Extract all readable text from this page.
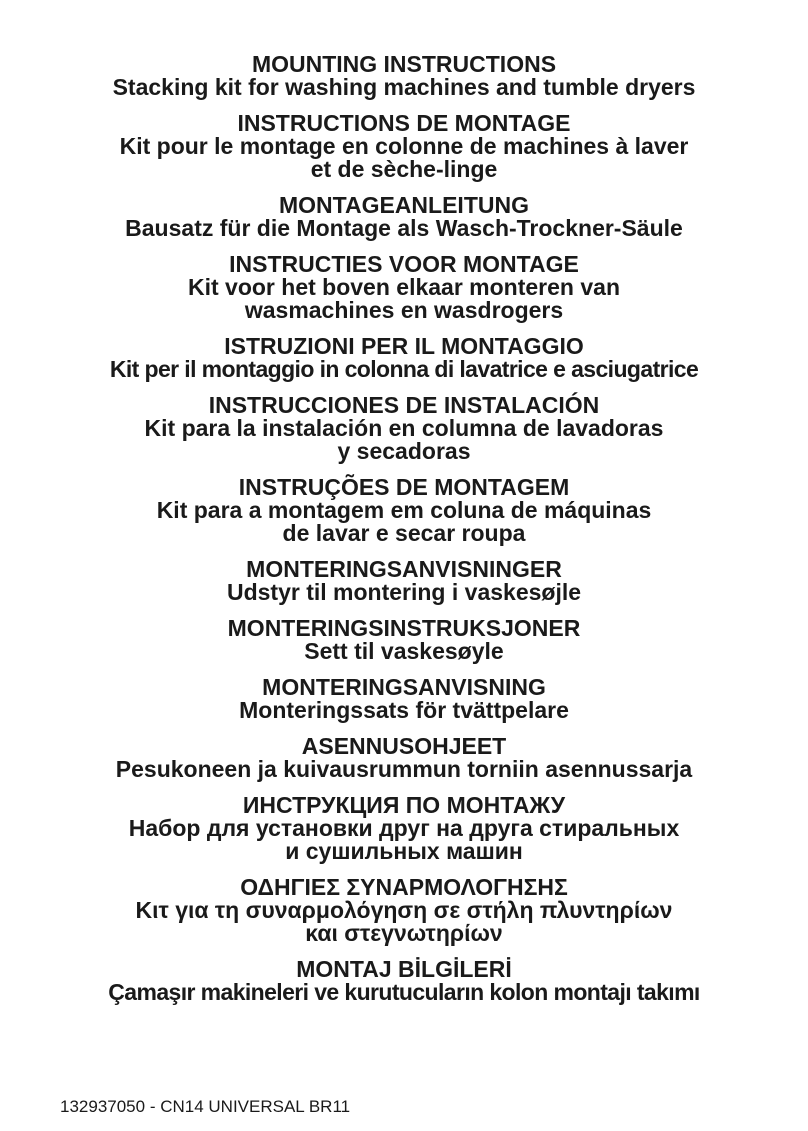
MOUNTING INSTRUCTIONS
Stacking kit for washing machines and tumble dryers
INSTRUCTIONS DE MONTAGE
Kit pour le montage en colonne de machines à laver
et de sèche-linge
MONTAGEANLEITUNG
Bausatz für die Montage als Wasch-Trockner-Säule
INSTRUCTIES VOOR MONTAGE
Kit voor het boven elkaar monteren van
wasmachines en wasdrogers
ISTRUZIONI PER IL MONTAGGIO
Kit per il montaggio in colonna di lavatrice e asciugatrice
INSTRUCCIONES DE INSTALACIÓN
Kit para la instalación en columna de lavadoras
y secadoras
INSTRUÇÕES DE MONTAGEM
Kit para a montagem em coluna de máquinas
de lavar e secar roupa
MONTERINGSANVISNINGER
Udstyr til montering i vaskesøjle
MONTERINGSINSTRUKSJONER
Sett til vaskesøyle
MONTERINGSANVISNING
Monteringssats för tvättpelare
ASENNUSOHJEET
Pesukoneen ja kuivausrummun torniin asennussarja
ИНСТРУКЦИЯ ПО МОНТАЖУ
Набор для установки друг на друга стиральных
и сушильных машин
ΟΔΗΓΙΕΣ ΣΥΝΑΡΜΟΛΟΓΗΣΗΣ
Κιτ για τη συναρμολόγηση σε στήλη πλυντηρίων
και στεγνωτηρίων
MONTAJ BİLGİLERİ
Çamaşır makineleri ve kurutucuların kolon montajı takımı
132937050 - CN14 UNIVERSAL BR11
